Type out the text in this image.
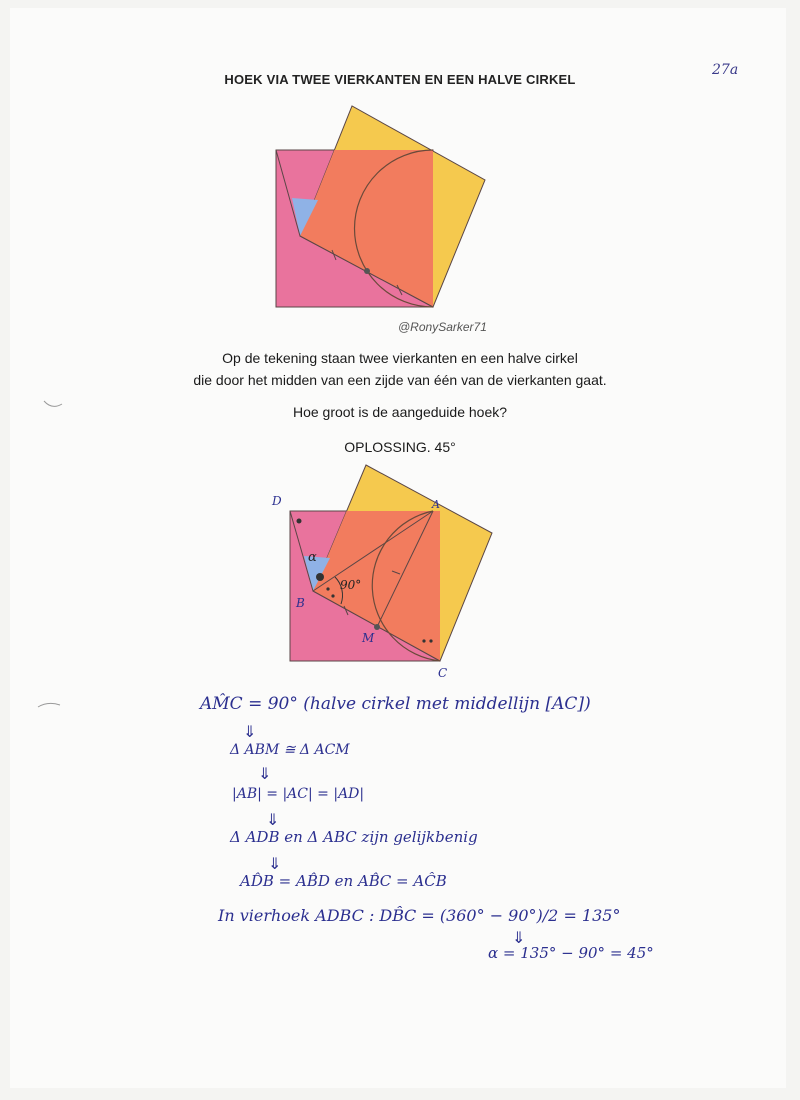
27a
HOEK VIA TWEE VIERKANTEN EN EEN HALVE CIRKEL
@RonySarker71
Op de tekening staan twee vierkanten en een halve cirkel
die door het midden van een zijde van één van de vierkanten gaat.
Hoe groot is de aangeduide hoek?
OPLOSSING. 45°
D	A
B
M
C
α
90°
AM̂C = 90° (halve cirkel met middellijn [AC])
⇓
Δ ABM ≅ Δ ACM
⇓
|AB| = |AC| = |AD|
⇓
Δ ADB en Δ ABC zijn gelijkbenig
⇓
AD̂B = AB̂D en AB̂C = AĈB
In vierhoek ADBC : DB̂C = (360° − 90°)/2 = 135°
⇓
α = 135° − 90° = 45°
